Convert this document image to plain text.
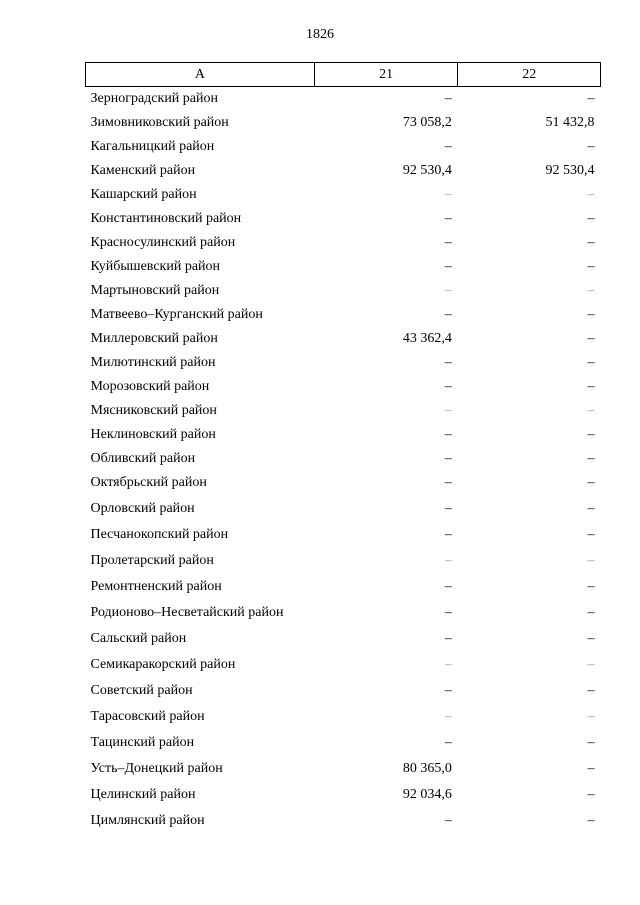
1826
А	21	22
Зерноградский район	–	–
Зимовниковский район	73 058,2	51 432,8
Кагальницкий район	–	–
Каменский район	92 530,4	92 530,4
Кашарский район	–	–
Константиновский район	–	–
Красносулинский район	–	–
Куйбышевский район	–	–
Мартыновский район	–	–
Матвеево–Курганский район	–	–
Миллеровский район	43 362,4	–
Милютинский район	–	–
Морозовский район	–	–
Мясниковский район	–	–
Неклиновский район	–	–
Обливский район	–	–
Октябрьский район	–	–
Орловский район	–	–
Песчанокопский район	–	–
Пролетарский район	–	–
Ремонтненский район	–	–
Родионово–Несветайский район	–	–
Сальский район	–	–
Семикаракорский район	–	–
Советский район	–	–
Тарасовский район	–	–
Тацинский район	–	–
Усть–Донецкий район	80 365,0	–
Целинский район	92 034,6	–
Цимлянский район	–	–
